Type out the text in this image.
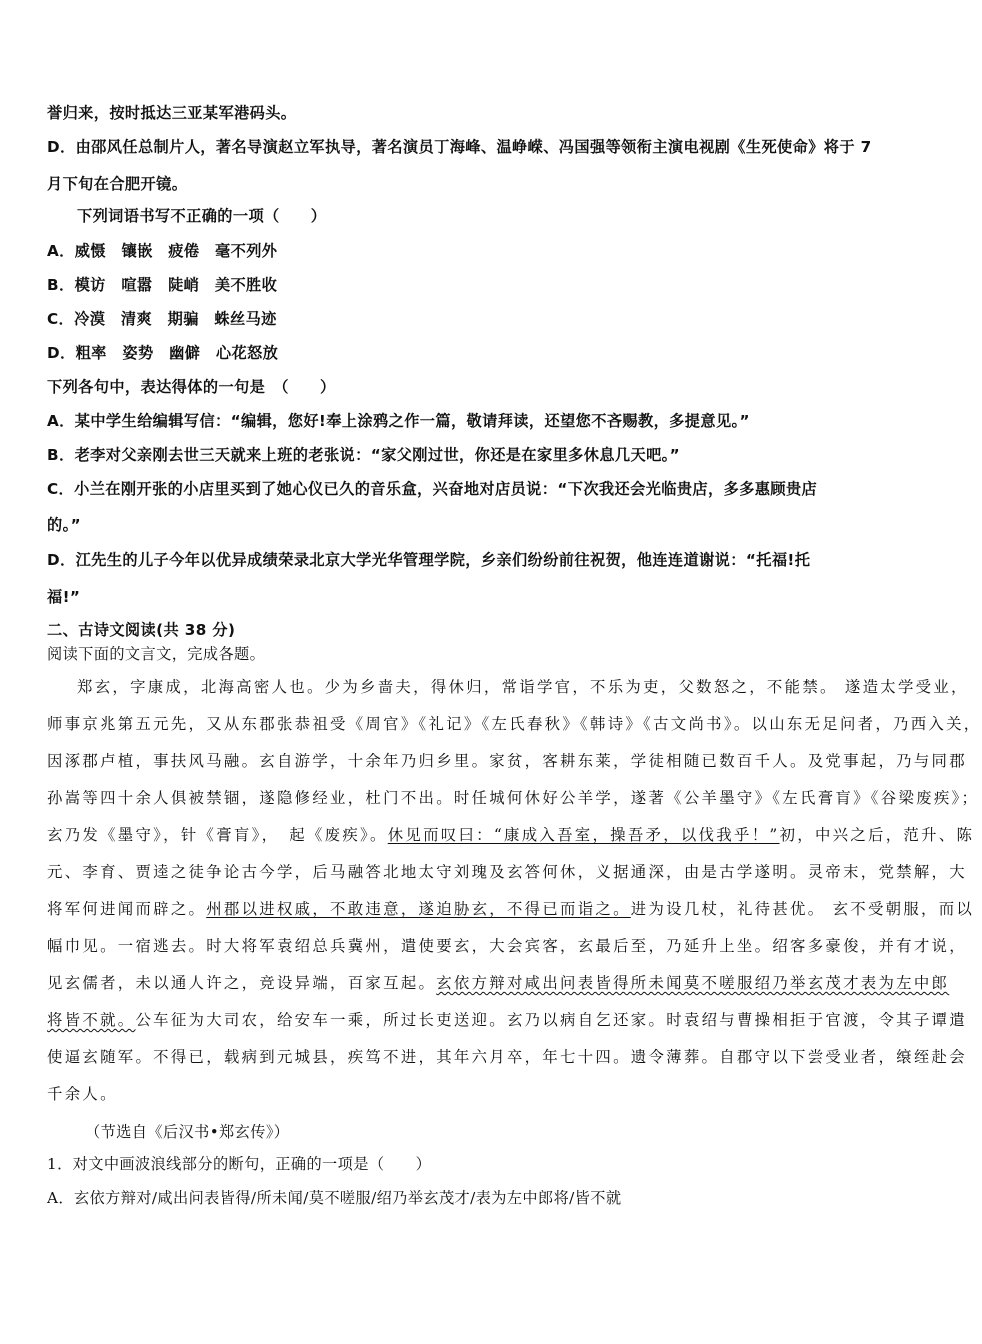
誉归来，按时抵达三亚某军港码头。
D．由邵风任总制片人，著名导演赵立军执导，著名演员丁海峰、温峥嵘、冯国强等领衔主演电视剧《生死使命》将于 7
月下旬在合肥开镜。
下列词语书写不正确的一项（　　）
A．威慑　镶嵌　疲倦　毫不列外
B．模访　喧嚣　陡峭　美不胜收
C．冷漠　清爽　期骗　蛛丝马迹
D．粗率　姿势　幽僻　心花怒放
下列各句中，表达得体的一句是　（　　）
A．某中学生给编辑写信：“编辑，您好!奉上涂鸦之作一篇，敬请拜读，还望您不吝赐教，多提意见。”
B．老李对父亲刚去世三天就来上班的老张说：“家父刚过世，你还是在家里多休息几天吧。”
C．小兰在刚开张的小店里买到了她心仪已久的音乐盒，兴奋地对店员说：“下次我还会光临贵店，多多惠顾贵店
的。”
D．江先生的儿子今年以优异成绩荣录北京大学光华管理学院，乡亲们纷纷前往祝贺，他连连道谢说：“托福!托
福!”
二、古诗文阅读(共 38 分)
阅读下面的文言文，完成各题。
郑玄，字康成，北海高密人也。少为乡啬夫，得休归，常诣学官，不乐为吏，父数怒之，不能禁。 遂造太学受业，
师事京兆第五元先，又从东郡张恭祖受《周官》《礼记》《左氏春秋》《韩诗》《古文尚书》。以山东无足问者，乃西入关，
因涿郡卢植，事扶风马融。玄自游学，十余年乃归乡里。家贫，客耕东莱，学徒相随已数百千人。及党事起，乃与同郡
孙嵩等四十余人俱被禁锢，遂隐修经业，杜门不出。时任城何休好公羊学，遂著《公羊墨守》《左氏膏肓》《谷梁废疾》；
玄乃发《墨守》，针《膏肓》，　起《废疾》。休见而叹曰：“康成入吾室，操吾矛，以伐我乎！”初，中兴之后，范升、陈
元、李育、贾逵之徒争论古今学，后马融答北地太守刘瑰及玄答何休，义据通深，由是古学遂明。灵帝末，党禁解，大
将军何进闻而辟之。州郡以进权戚，不敢违意，遂迫胁玄，不得已而诣之。进为设几杖，礼待甚优。 玄不受朝服，而以
幅巾见。一宿逃去。时大将军袁绍总兵冀州，遣使要玄，大会宾客，玄最后至，乃延升上坐。绍客多豪俊，并有才说，
见玄儒者，未以通人许之，竞设异端，百家互起。玄依方辩对咸出问表皆得所未闻莫不嗟服绍乃举玄茂才表为左中郎
将皆不就。公车征为大司农，给安车一乘，所过长吏送迎。玄乃以病自乞还家。时袁绍与曹操相拒于官渡，令其子谭遣
使逼玄随军。不得已，载病到元城县，疾笃不进，其年六月卒，年七十四。遗令薄葬。自郡守以下尝受业者，缞绖赴会
千余人。
（节选自《后汉书•郑玄传》）
1．对文中画波浪线部分的断句，正确的一项是（　　）
A．玄依方辩对/咸出问表皆得/所未闻/莫不嗟服/绍乃举玄茂才/表为左中郎将/皆不就
